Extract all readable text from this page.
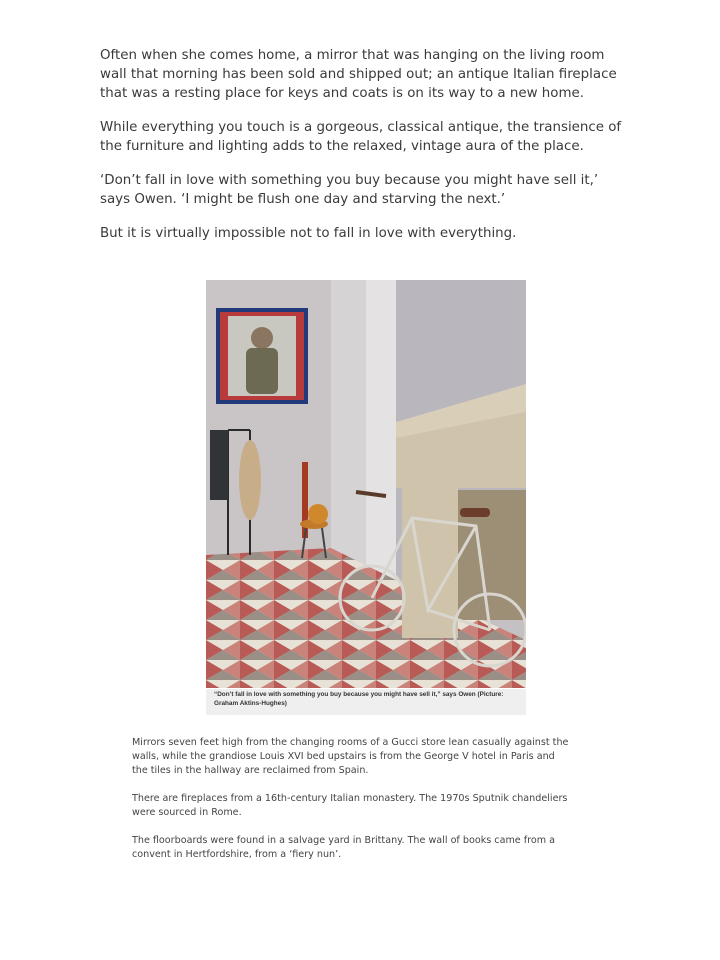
Often when she comes home, a mirror that was hanging on the living room wall that morning has been sold and shipped out; an antique Italian fireplace that was a resting place for keys and coats is on its way to a new home.

While everything you touch is a gorgeous, classical antique, the transience of the furniture and lighting adds to the relaxed, vintage aura of the place.

‘Don’t fall in love with something you buy because you might have sell it,’ says Owen. ‘I might be flush one day and starving the next.’

But it is virtually impossible not to fall in love with everything.

“Don’t fall in love with something you buy because you might have sell it,” says Owen (Picture: Graham Aktins-Hughes)

Mirrors seven feet high from the changing rooms of a Gucci store lean casually against the walls, while the grandiose Louis XVI bed upstairs is from the George V hotel in Paris and the tiles in the hallway are reclaimed from Spain.

There are fireplaces from a 16th-century Italian monastery. The 1970s Sputnik chandeliers were sourced in Rome.

The floorboards were found in a salvage yard in Brittany. The wall of books came from a convent in Hertfordshire, from a ‘fiery nun’.
